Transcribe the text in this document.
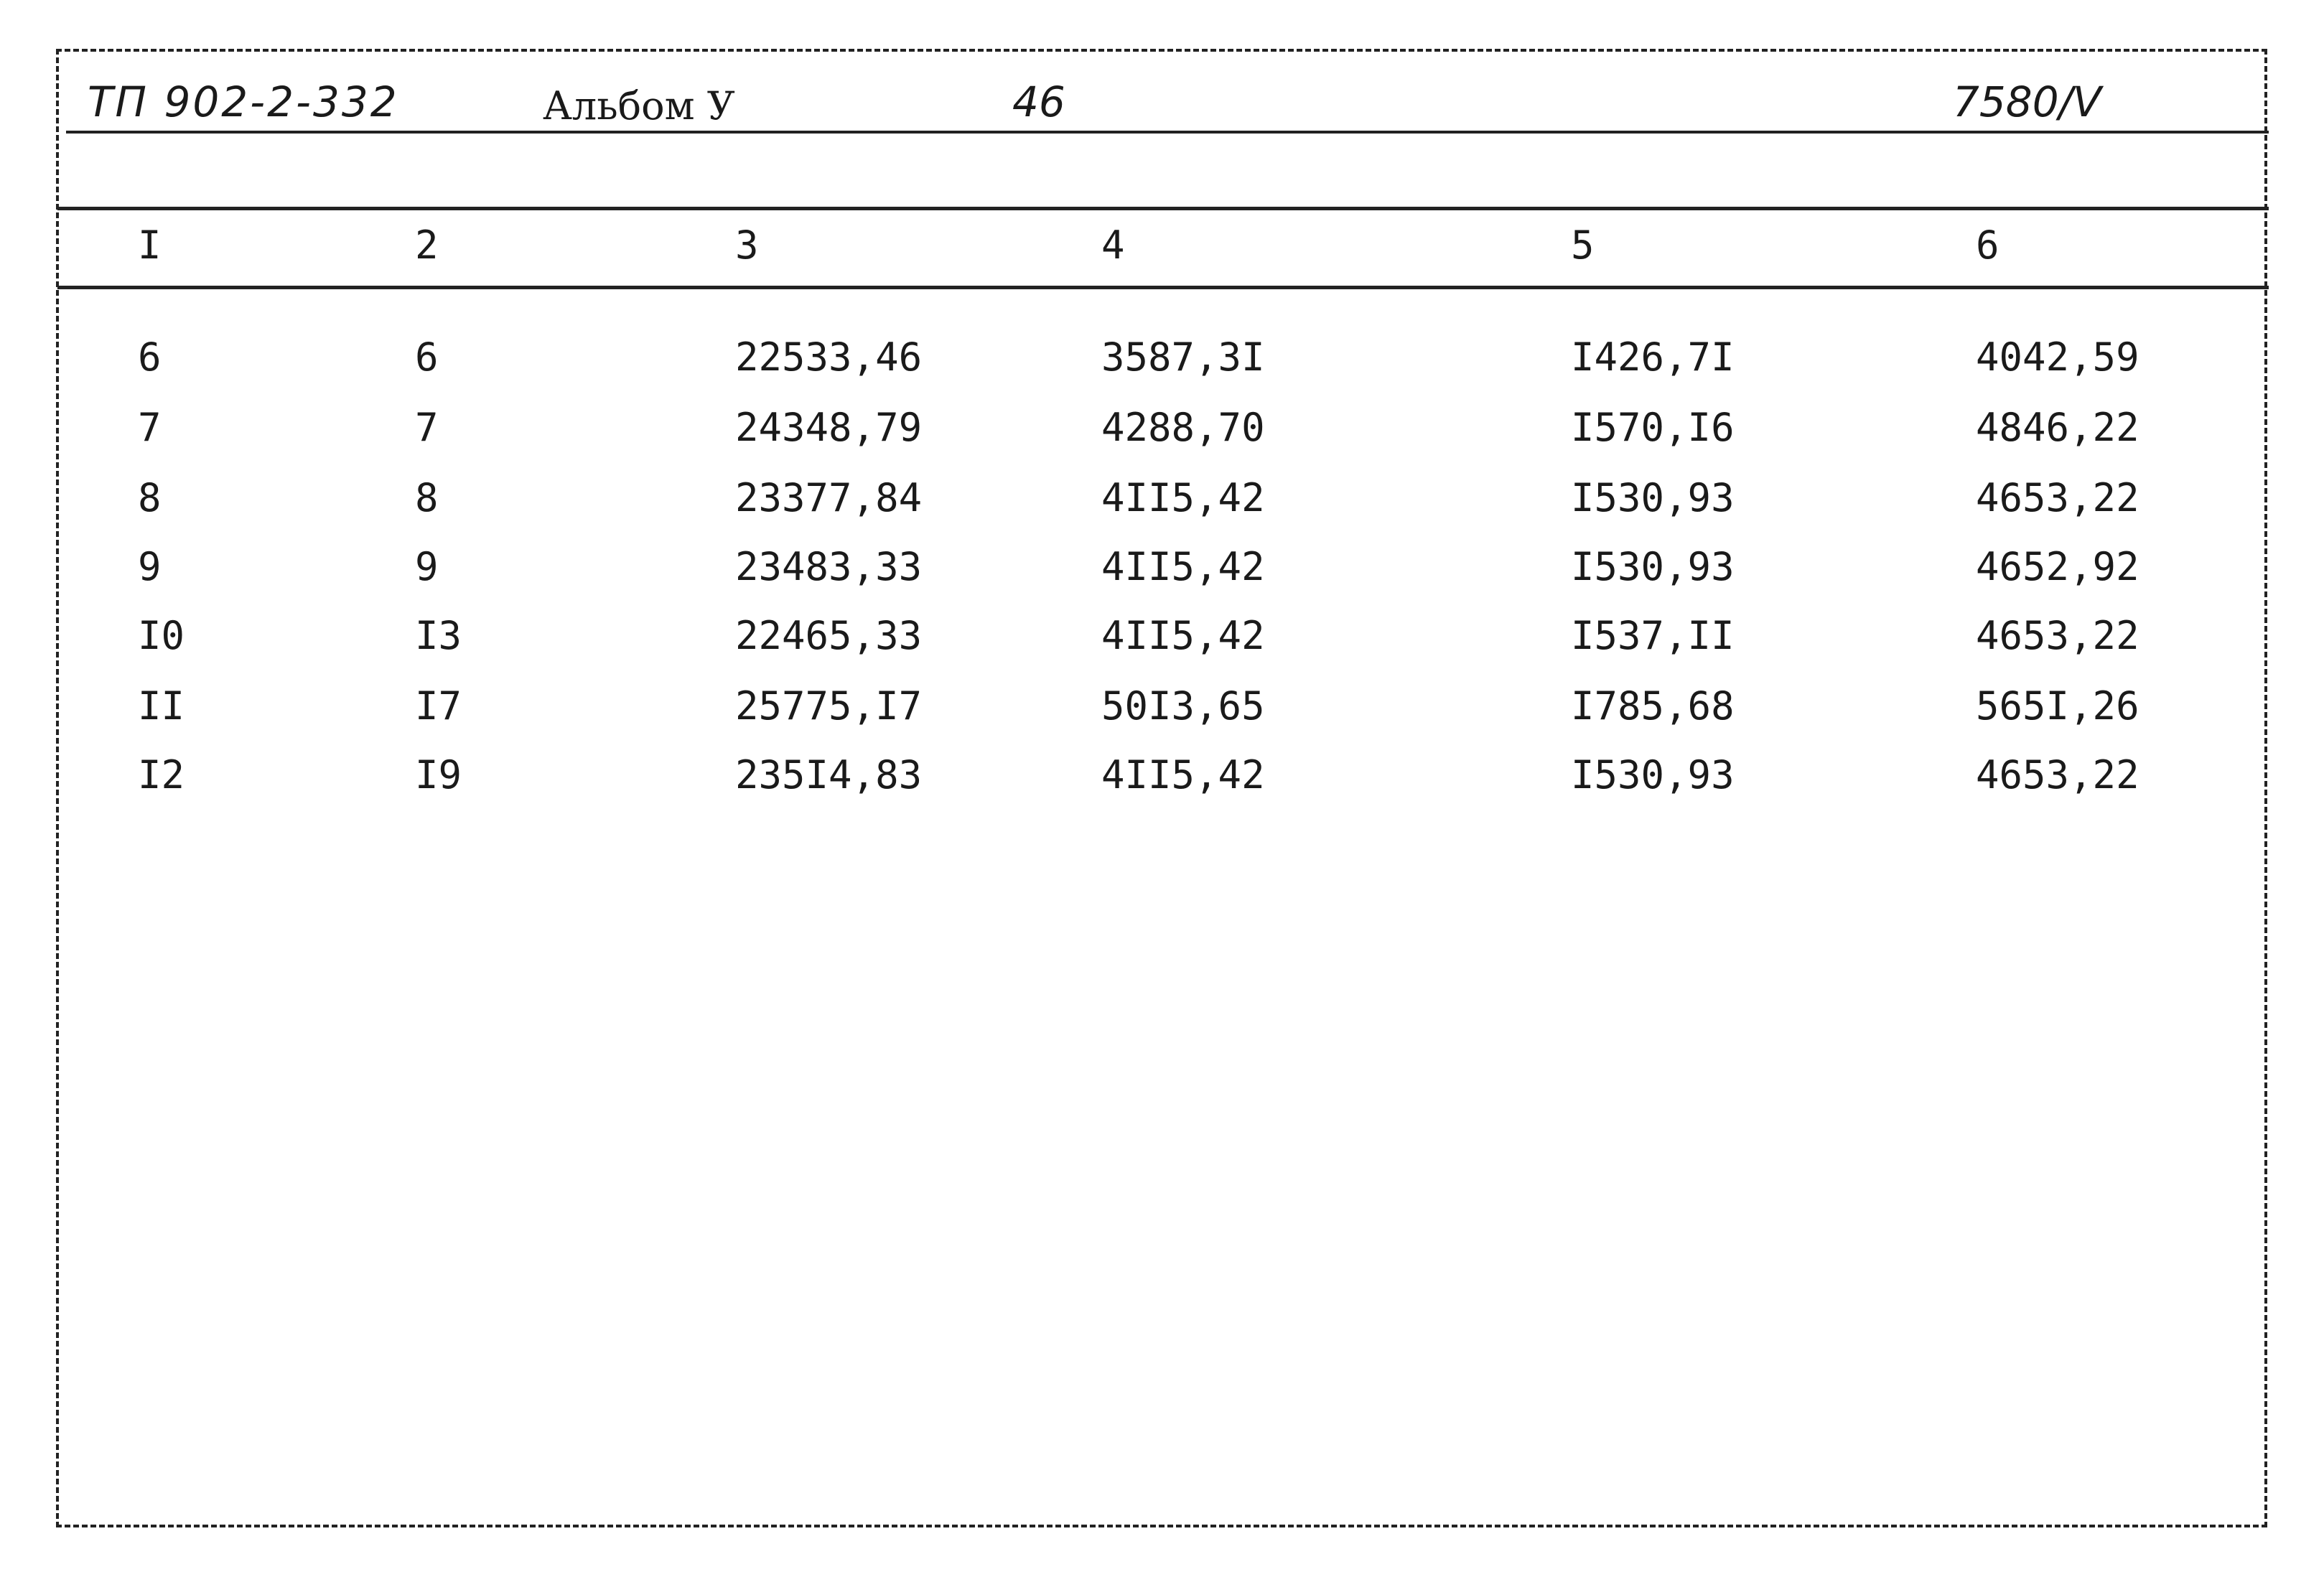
ТП 902-2-332	Альбом У	46	7580/V
I	2	3	4	5	6
6	6	22533,46	3587,3I	I426,7I	4042,59
7	7	24348,79	4288,70	I570,I6	4846,22
8	8	23377,84	4II5,42	I530,93	4653,22
9	9	23483,33	4II5,42	I530,93	4652,92
I0	I3	22465,33	4II5,42	I537,II	4653,22
II	I7	25775,I7	50I3,65	I785,68	565I,26
I2	I9	235I4,83	4II5,42	I530,93	4653,22
